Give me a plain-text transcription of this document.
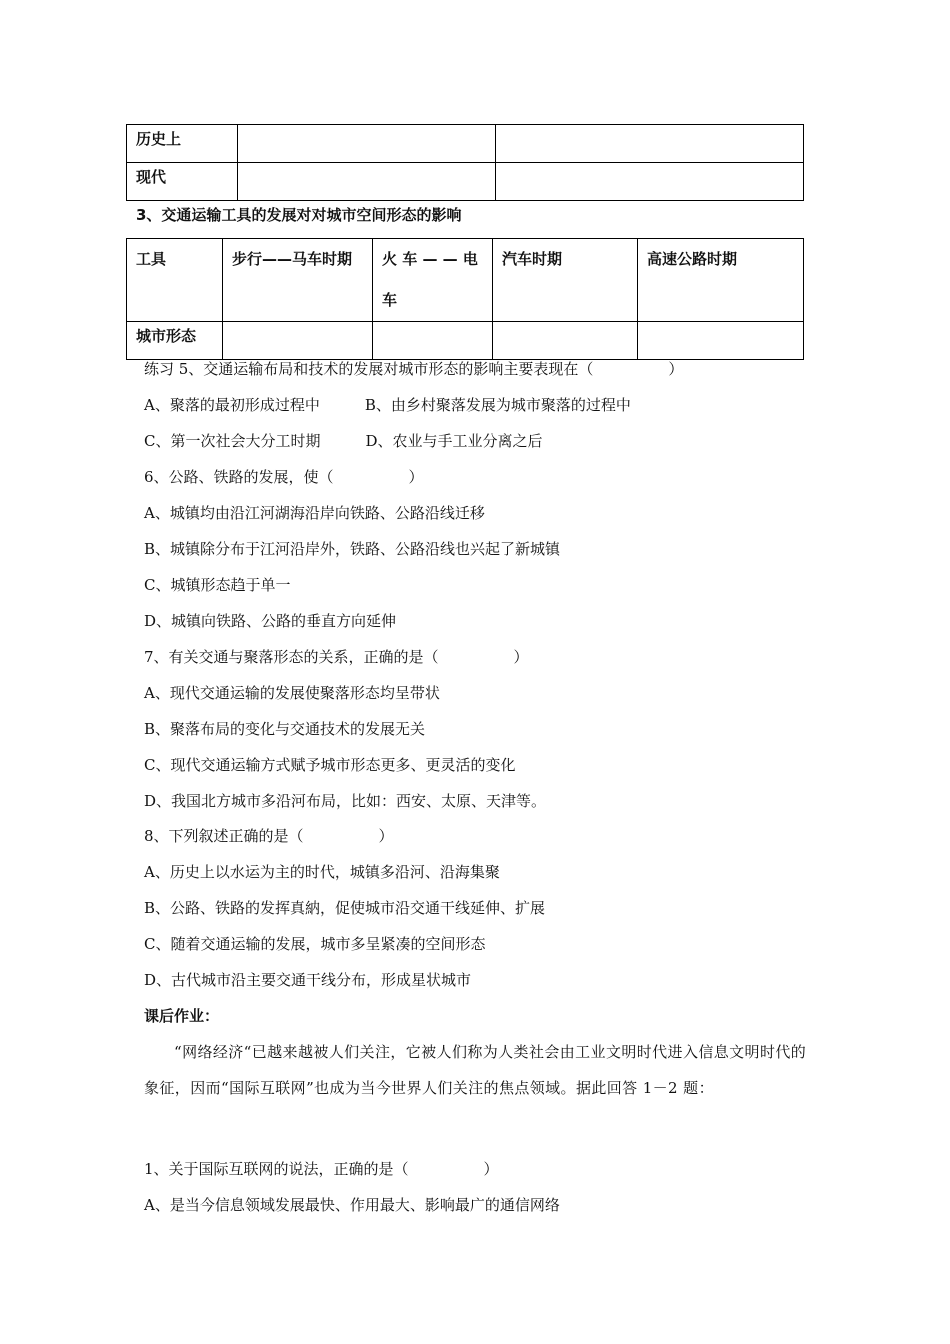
历史上		
现代		
3、交通运输工具的发展对对城市空间形态的影响
工具	步行——马车时期	火 车 — — 电 车	汽车时期	高速公路时期
城市形态				
练习 5、交通运输布局和技术的发展对城市形态的影响主要表现在（　　　　　）
A、聚落的最初形成过程中　　　B、由乡村聚落发展为城市聚落的过程中
C、第一次社会大分工时期　　　D、农业与手工业分离之后
6、公路、铁路的发展，使（　　　　　）
A、城镇均由沿江河湖海沿岸向铁路、公路沿线迁移
B、城镇除分布于江河沿岸外，铁路、公路沿线也兴起了新城镇
C、城镇形态趋于单一
D、城镇向铁路、公路的垂直方向延伸
7、有关交通与聚落形态的关系，正确的是（　　　　　）
A、现代交通运输的发展使聚落形态均呈带状
B、聚落布局的变化与交通技术的发展无关
C、现代交通运输方式赋予城市形态更多、更灵活的变化
D、我国北方城市多沿河布局，比如：西安、太原、天津等。
8、下列叙述正确的是（　　　　　）
A、历史上以水运为主的时代，城镇多沿河、沿海集聚
B、公路、铁路的发挥真納，促使城市沿交通干线延伸、扩展
C、随着交通运输的发展，城市多呈紧凑的空间形态
D、古代城市沿主要交通干线分布，形成星状城市
课后作业：
“网络经济“已越来越被人们关注，它被人们称为人类社会由工业文明时代进入信息文明时代的象征，因而“国际互联网”也成为当今世界人们关注的焦点领域。据此回答 1－2 题：
1、关于国际互联网的说法，正确的是（　　　　　）
A、是当今信息领域发展最快、作用最大、影响最广的通信网络
